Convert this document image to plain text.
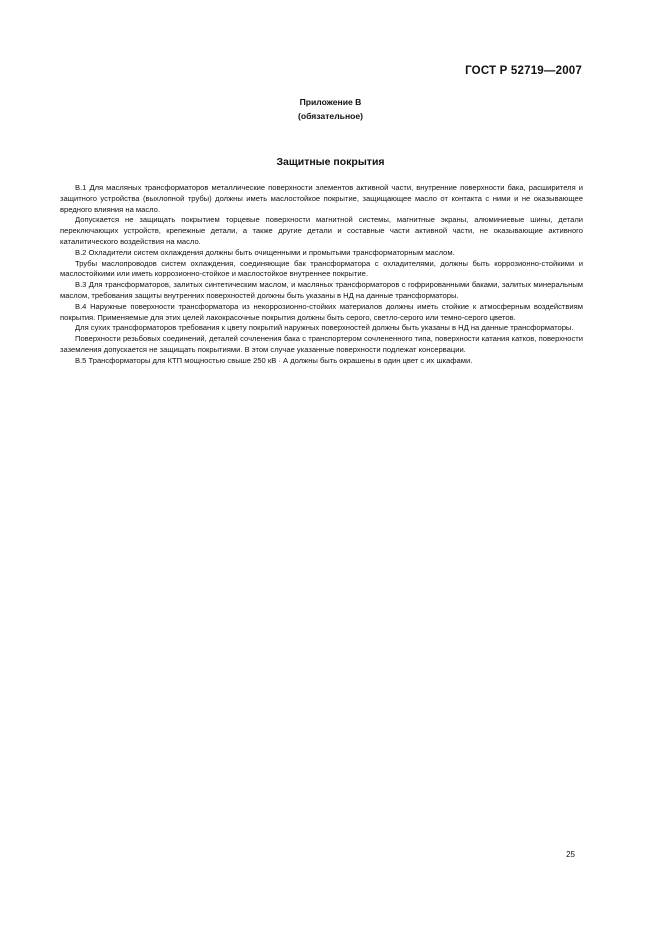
ГОСТ Р 52719—2007
Приложение В
(обязательное)
Защитные покрытия

В.1 Для масляных трансформаторов металлические поверхности элементов активной части, внутренние поверхности бака, расширителя и защитного устройства (выхлопной трубы) должны иметь маслостойкое покрытие, защищающее масло от контакта с ними и не оказывающее вредного влияния на масло.

Допускается не защищать покрытием торцевые поверхности магнитной системы, магнитные экраны, алюминиевые шины, детали переключающих устройств, крепежные детали, а также другие детали и составные части активной части, не оказывающие активного каталитического воздействия на масло.

В.2 Охладители систем охлаждения должны быть очищенными и промытыми трансформаторным маслом.

Трубы маслопроводов систем охлаждения, соединяющие бак трансформатора с охладителями, должны быть коррозионно-стойкими и маслостойкими или иметь коррозионно-стойкое и маслостойкое внутреннее покрытие.

В.3 Для трансформаторов, залитых синтетическим маслом, и масляных трансформаторов с гофрированными баками, залитых минеральным маслом, требования защиты внутренних поверхностей должны быть указаны в НД на данные трансформаторы.

В.4 Наружные поверхности трансформатора из некоррозионно-стойких материалов должны иметь стойкие к атмосферным воздействиям покрытия. Применяемые для этих целей лакокрасочные покрытия должны быть серого, светло-серого или темно-серого цветов.

Для сухих трансформаторов требования к цвету покрытий наружных поверхностей должны быть указаны в НД на данные трансформаторы.

Поверхности резьбовых соединений, деталей сочленения бака с транспортером сочлененного типа, поверхности катания катков, поверхности заземления допускается не защищать покрытиями. В этом случае указанные поверхности подлежат консервации.

В.5 Трансформаторы для КТП мощностью свыше 250 кВ · А должны быть окрашены в один цвет с их шкафами.

25
